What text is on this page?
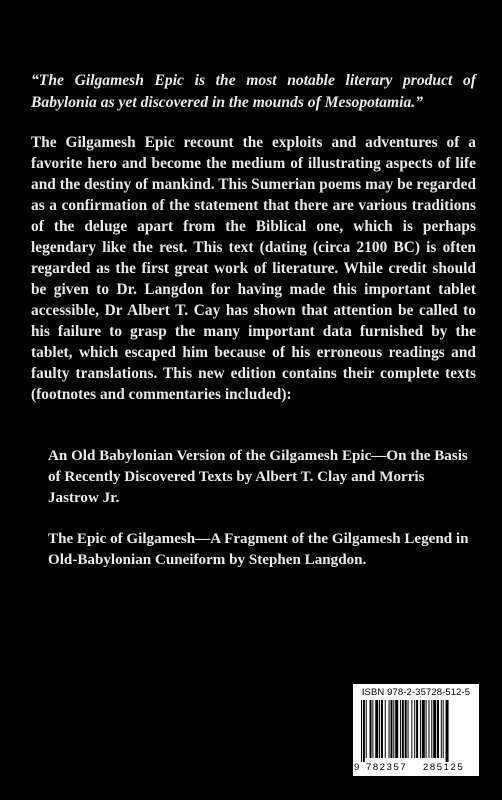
“The Gilgamesh Epic is the most notable literary product of Babylonia as yet discovered in the mounds of Mesopotamia.”

The Gilgamesh Epic recount the exploits and adventures of a favorite hero and become the medium of illustrating aspects of life and the destiny of mankind. This Sumerian poems may be regarded as a confirmation of the statement that there are various traditions of the deluge apart from the Biblical one, which is perhaps legendary like the rest. This text (dating (circa 2100 BC) is often regarded as the first great work of literature. While credit should be given to Dr. Langdon for having made this important tablet accessible, Dr Albert T. Cay has shown that attention be called to his failure to grasp the many important data furnished by the tablet, which escaped him because of his erroneous readings and faulty translations. This new edition contains their complete texts (footnotes and commentaries included):

An Old Babylonian Version of the Gilgamesh Epic—On the Basis of Recently Discovered Texts by Albert T. Clay and Morris Jastrow Jr.

The Epic of Gilgamesh—A Fragment of the Gilgamesh Legend in Old-Babylonian Cuneiform by Stephen Langdon.

ISBN 978-2-35728-512-5
9 782357 285125
